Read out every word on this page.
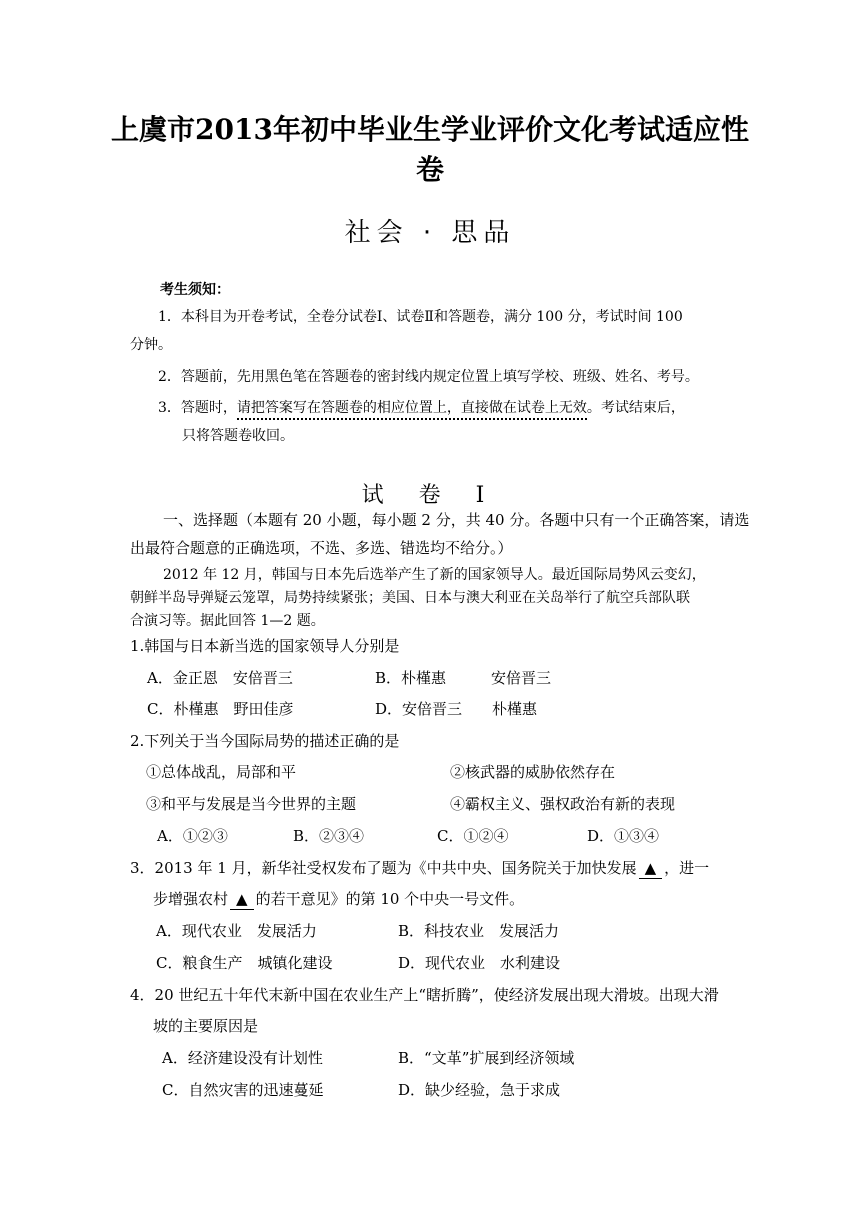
上虞市2013年初中毕业生学业评价文化考试适应性
卷
社会 · 思品
考生须知：
1．本科目为开卷考试，全卷分试卷Ⅰ、试卷Ⅱ和答题卷，满分 100 分，考试时间 100
分钟。
2．答题前，先用黑色笔在答题卷的密封线内规定位置上填写学校、班级、姓名、考号。
3．答题时，请把答案写在答题卷的相应位置上，直接做在试卷上无效。考试结束后，
只将答题卷收回。
试 卷 Ⅰ
一、选择题（本题有 20 小题，每小题 2 分，共 40 分。各题中只有一个正确答案，请选
出最符合题意的正确选项，不选、多选、错选均不给分。）
2012 年 12 月，韩国与日本先后选举产生了新的国家领导人。最近国际局势风云变幻，
朝鲜半岛导弹疑云笼罩，局势持续紧张；美国、日本与澳大利亚在关岛举行了航空兵部队联
合演习等。据此回答 1—2 题。
1.韩国与日本新当选的国家领导人分别是
A．金正恩　安倍晋三	B．朴槿惠　　　安倍晋三
C．朴槿惠　野田佳彦	D．安倍晋三　　朴槿惠
2.下列关于当今国际局势的描述正确的是
①总体战乱，局部和平	②核武器的威胁依然存在
③和平与发展是当今世界的主题	④霸权主义、强权政治有新的表现
A．①②③	B．②③④	C．①②④	D．①③④
3．2013 年 1 月，新华社受权发布了题为《中共中央、国务院关于加快发展 ▲ ，进一
步增强农村 ▲ 的若干意见》的第 10 个中央一号文件。
A．现代农业　发展活力	B．科技农业　发展活力
C．粮食生产　城镇化建设	D．现代农业　水利建设
4．20 世纪五十年代末新中国在农业生产上“瞎折腾”，使经济发展出现大滑坡。出现大滑
坡的主要原因是
A．经济建设没有计划性	B．“文革”扩展到经济领域
C．自然灾害的迅速蔓延	D．缺少经验，急于求成
